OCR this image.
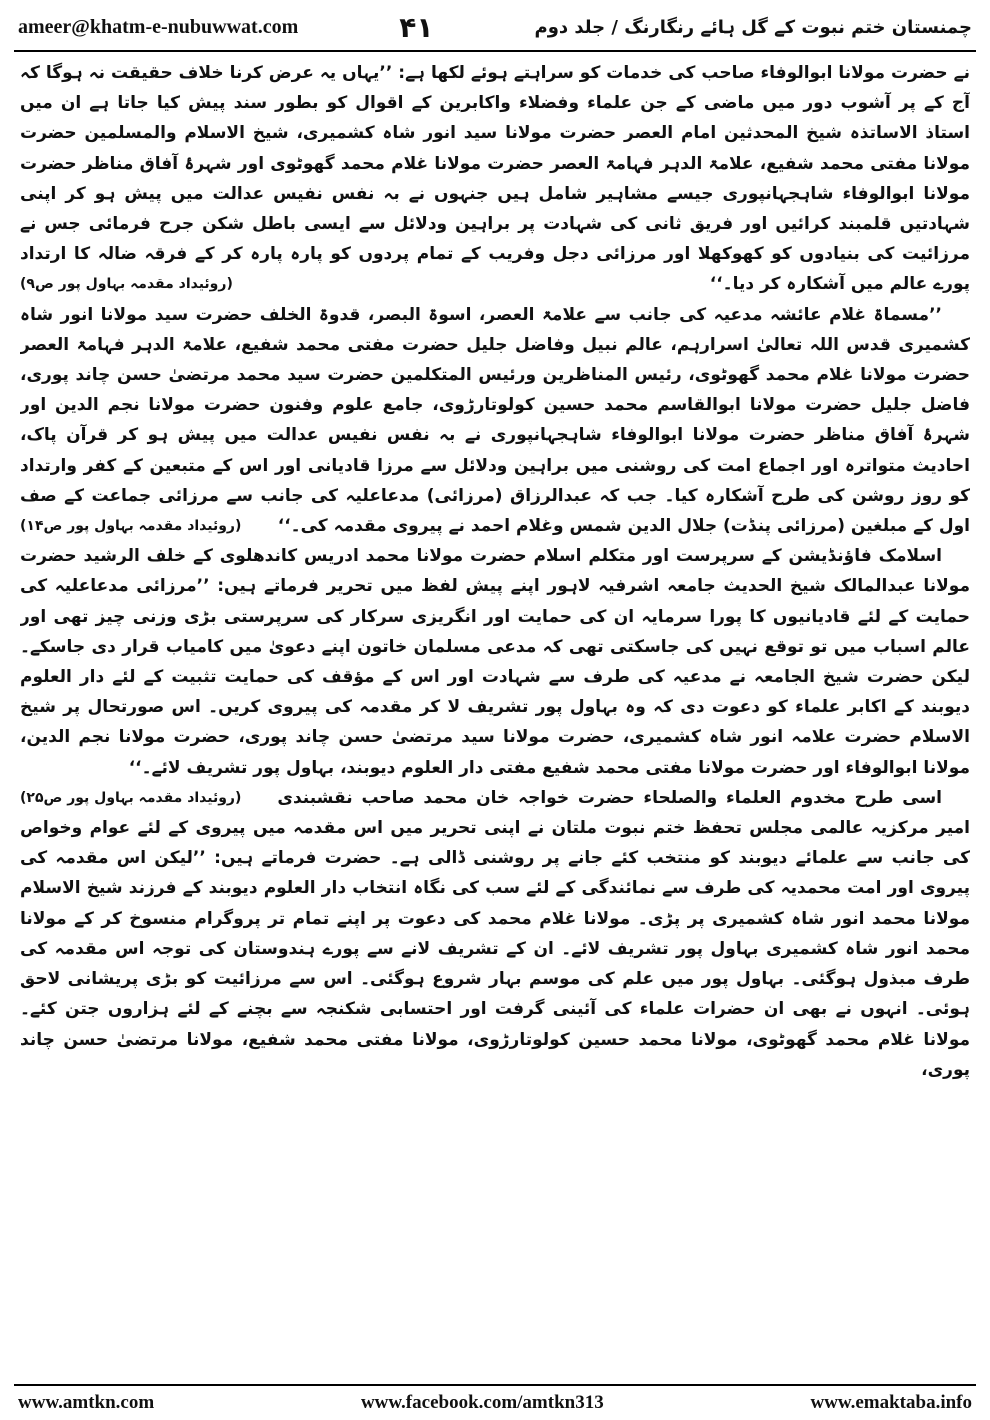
ameer@khatm-e-nubuwwat.com	۴۱	چمنستان ختم نبوت کے گل ہائے رنگارنگ / جلد دوم

نے حضرت مولانا ابوالوفاء صاحب کی خدمات کو سراہتے ہوئے لکھا ہے: ’’یہاں یہ عرض کرنا خلاف حقیقت نہ ہوگا کہ آج کے پر آشوب دور میں ماضی کے جن علماء وفضلاء واکابرین کے اقوال کو بطور سند پیش کیا جاتا ہے ان میں استاذ الاساتذہ شیخ المحدثین امام العصر حضرت مولانا سید انور شاہ کشمیری، شیخ الاسلام والمسلمین حضرت مولانا مفتی محمد شفیع، علامۃ الدہر فہامۃ العصر حضرت مولانا غلام محمد گھوٹوی اور شہرۂ آفاق مناظر حضرت مولانا ابوالوفاء شاہجہانپوری جیسے مشاہیر شامل ہیں جنہوں نے بہ نفس نفیس عدالت میں پیش ہو کر اپنی شہادتیں قلمبند کرائیں اور فریق ثانی کی شہادت پر براہین ودلائل سے ایسی باطل شکن جرح فرمائی جس نے مرزائیت کی بنیادوں کو کھوکھلا اور مرزائی دجل وفریب کے تمام پردوں کو پارہ پارہ کر کے فرقہ ضالہ کا ارتداد پورے عالم میں آشکارہ کر دیا۔‘‘
(روئیداد مقدمہ بہاول پور ص۹)

’’مسماۃ غلام عائشہ مدعیہ کی جانب سے علامۃ العصر، اسوۃ البصر، قدوۃ الخلف حضرت سید مولانا انور شاہ کشمیری قدس اللہ تعالیٰ اسرارہم، عالم نبیل وفاضل جلیل حضرت مفتی محمد شفیع، علامۃ الدہر فہامۃ العصر حضرت مولانا غلام محمد گھوٹوی، رئیس المناظرین ورئیس المتکلمین حضرت سید محمد مرتضیٰ حسن چاند پوری، فاضل جلیل حضرت مولانا ابوالقاسم محمد حسین کولوتارڑوی، جامع علوم وفنون حضرت مولانا نجم الدین اور شہرۂ آفاق مناظر حضرت مولانا ابوالوفاء شاہجہانپوری نے بہ نفس نفیس عدالت میں پیش ہو کر قرآن پاک، احادیث متواترہ اور اجماع امت کی روشنی میں براہین ودلائل سے مرزا قادیانی اور اس کے متبعین کے کفر وارتداد کو روز روشن کی طرح آشکارہ کیا۔ جب کہ عبدالرزاق (مرزائی) مدعاعلیہ کی جانب سے مرزائی جماعت کے صف اول کے مبلغین (مرزائی پنڈت) جلال الدین شمس وغلام احمد نے پیروی مقدمہ کی۔‘‘
(روئیداد مقدمہ بہاول پور ص۱۴)

اسلامک فاؤنڈیشن کے سرپرست اور متکلم اسلام حضرت مولانا محمد ادریس کاندھلوی کے خلف الرشید حضرت مولانا عبدالمالک شیخ الحدیث جامعہ اشرفیہ لاہور اپنے پیش لفظ میں تحریر فرماتے ہیں: ’’مرزائی مدعاعلیہ کی حمایت کے لئے قادیانیوں کا پورا سرمایہ ان کی حمایت اور انگریزی سرکار کی سرپرستی بڑی وزنی چیز تھی اور عالم اسباب میں تو توقع نہیں کی جاسکتی تھی کہ مدعی مسلمان خاتون اپنے دعویٰ میں کامیاب قرار دی جاسکے۔ لیکن حضرت شیخ الجامعہ نے مدعیہ کی طرف سے شہادت اور اس کے مؤقف کی حمایت تثبیت کے لئے دار العلوم دیوبند کے اکابر علماء کو دعوت دی کہ وہ بہاول پور تشریف لا کر مقدمہ کی پیروی کریں۔ اس صورتحال پر شیخ الاسلام حضرت علامہ انور شاہ کشمیری، حضرت مولانا سید مرتضیٰ حسن چاند پوری، حضرت مولانا نجم الدین، مولانا ابوالوفاء اور حضرت مولانا مفتی محمد شفیع مفتی دار العلوم دیوبند، بہاول پور تشریف لائے۔‘‘
(روئیداد مقدمہ بہاول پور ص۲۵)	اسی طرح مخدوم العلماء والصلحاء حضرت خواجہ خان محمد صاحب نقشبندی امیر مرکزیہ عالمی مجلس تحفظ ختم نبوت ملتان نے اپنی تحریر میں اس مقدمہ میں پیروی کے لئے عوام وخواص کی جانب سے علمائے دیوبند کو منتخب کئے جانے پر روشنی ڈالی ہے۔ حضرت فرماتے ہیں: ’’لیکن اس مقدمہ کی پیروی اور امت محمدیہ کی طرف سے نمائندگی کے لئے سب کی نگاہ انتخاب دار العلوم دیوبند کے فرزند شیخ الاسلام مولانا محمد انور شاہ کشمیری پر پڑی۔ مولانا غلام محمد کی دعوت پر اپنے تمام تر پروگرام منسوخ کر کے مولانا محمد انور شاہ کشمیری بہاول پور تشریف لائے۔ ان کے تشریف لانے سے پورے ہندوستان کی توجہ اس مقدمہ کی طرف مبذول ہوگئی۔ بہاول پور میں علم کی موسم بہار شروع ہوگئی۔ اس سے مرزائیت کو بڑی پریشانی لاحق ہوئی۔ انہوں نے بھی ان حضرات علماء کی آئینی گرفت اور احتسابی شکنجہ سے بچنے کے لئے ہزاروں جتن کئے۔ مولانا غلام محمد گھوٹوی، مولانا محمد حسین کولوتارڑوی، مولانا مفتی محمد شفیع، مولانا مرتضیٰ حسن چاند پوری،

www.amtkn.com	www.facebook.com/amtkn313	www.emaktaba.info
